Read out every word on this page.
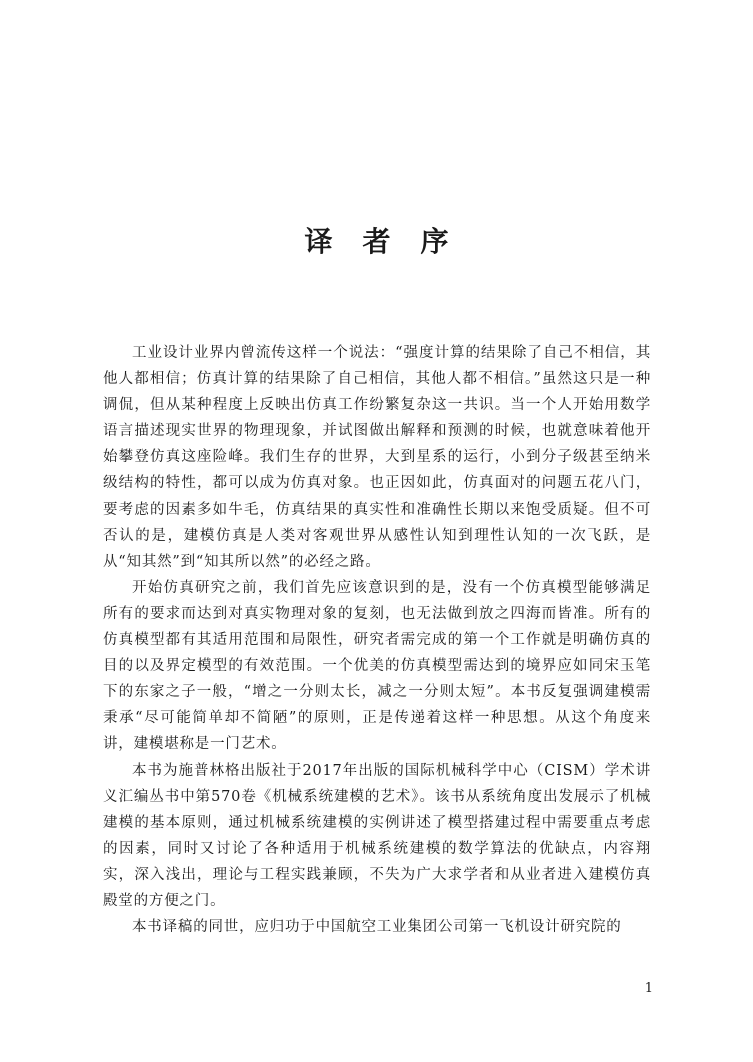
译者序

工业设计业界内曾流传这样一个说法：“强度计算的结果除了自己不相信，其他人都相信；仿真计算的结果除了自己相信，其他人都不相信。”虽然这只是一种调侃，但从某种程度上反映出仿真工作纷繁复杂这一共识。当一个人开始用数学语言描述现实世界的物理现象，并试图做出解释和预测的时候，也就意味着他开始攀登仿真这座险峰。我们生存的世界，大到星系的运行，小到分子级甚至纳米级结构的特性，都可以成为仿真对象。也正因如此，仿真面对的问题五花八门，要考虑的因素多如牛毛，仿真结果的真实性和准确性长期以来饱受质疑。但不可否认的是，建模仿真是人类对客观世界从感性认知到理性认知的一次飞跃，是从“知其然”到“知其所以然”的必经之路。

开始仿真研究之前，我们首先应该意识到的是，没有一个仿真模型能够满足所有的要求而达到对真实物理对象的复刻，也无法做到放之四海而皆准。所有的仿真模型都有其适用范围和局限性，研究者需完成的第一个工作就是明确仿真的目的以及界定模型的有效范围。一个优美的仿真模型需达到的境界应如同宋玉笔下的东家之子一般，“增之一分则太长，减之一分则太短”。本书反复强调建模需秉承“尽可能简单却不简陋”的原则，正是传递着这样一种思想。从这个角度来讲，建模堪称是一门艺术。

本书为施普林格出版社于2017年出版的国际机械科学中心（CISM）学术讲义汇编丛书中第570卷《机械系统建模的艺术》。该书从系统角度出发展示了机械建模的基本原则，通过机械系统建模的实例讲述了模型搭建过程中需要重点考虑的因素，同时又讨论了各种适用于机械系统建模的数学算法的优缺点，内容翔实，深入浅出，理论与工程实践兼顾，不失为广大求学者和从业者进入建模仿真殿堂的方便之门。

本书译稿的同世，应归功于中国航空工业集团公司第一飞机设计研究院的

1
